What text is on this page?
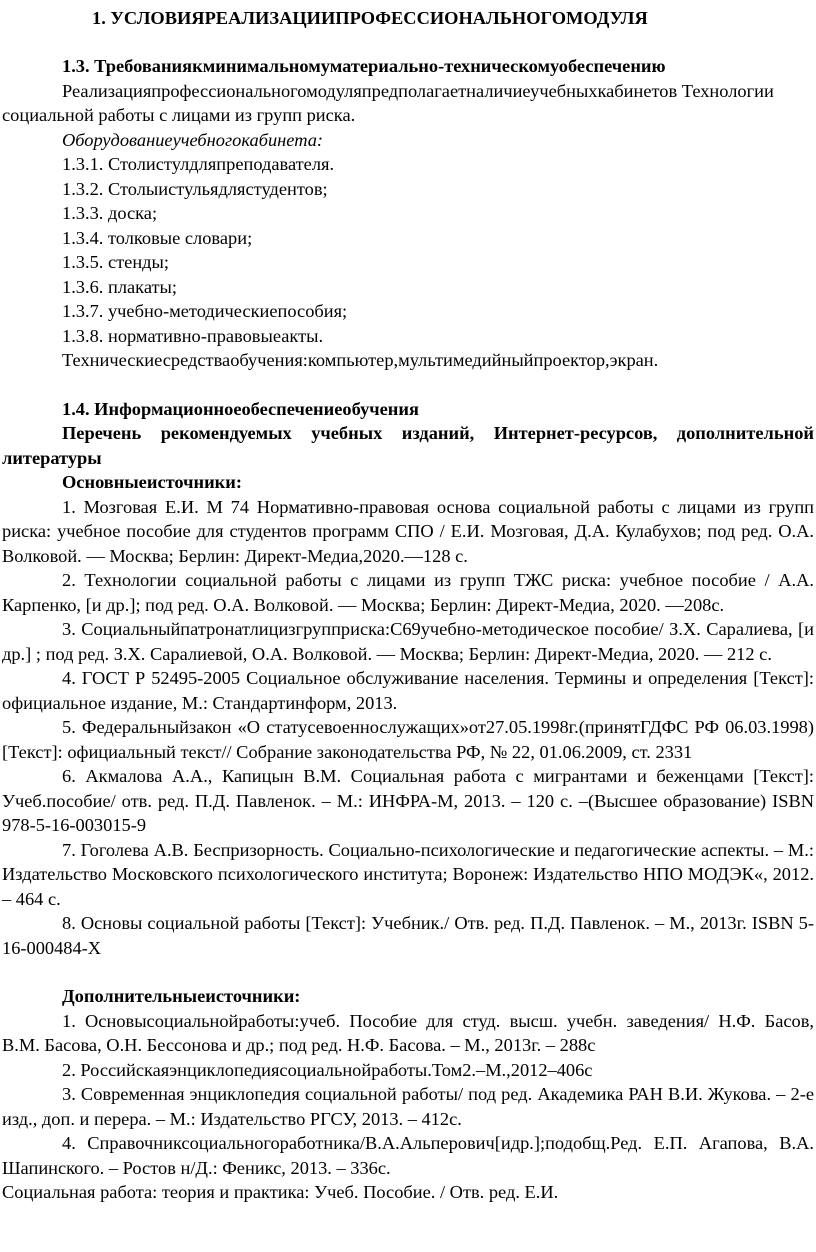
1. УСЛОВИЯРЕАЛИЗАЦИИПРОФЕССИОНАЛЬНОГОМОДУЛЯ

1.3. Требованиякминимальномуматериально-техническомуобеспечению

Реализацияпрофессиональногомодуляпредполагаетналичиеучебныхкабинетов Технологии социальной работы с лицами из групп риска.

Оборудованиеучебногокабинета:

1.3.1. Столистулдляпреподавателя.

1.3.2. Столыистульядлястудентов;

1.3.3. доска;

1.3.4. толковые словари;

1.3.5. стенды;

1.3.6. плакаты;

1.3.7. учебно-методическиепособия;

1.3.8. нормативно-правовыеакты.

Техническиесредстваобучения:компьютер,мультимедийныйпроектор,экран.

1.4. Информационноеобеспечениеобучения

Перечень рекомендуемых учебных изданий, Интернет-ресурсов, дополнительной литературы

Основныеисточники:

1. Мозговая Е.И. М 74 Нормативно-правовая основа социальной работы с лицами из групп риска: учебное пособие для студентов программ СПО / Е.И. Мозговая, Д.А. Кулабухов; под ред. О.А. Волковой. — Москва; Берлин: Директ-Медиа,2020.—128 с.

2. Технологии социальной работы с лицами из групп ТЖС риска: учебное пособие / А.А. Карпенко, [и др.]; под ред. О.А. Волковой. — Москва; Берлин: Директ-Медиа, 2020. —208с.

3. Социальныйпатронатлицизгрупприска:С69учебно-методическое пособие/ З.Х. Саралиева, [и др.] ; под ред. З.Х. Саралиевой, О.А. Волковой. — Москва; Берлин: Директ-Медиа, 2020. — 212 с.

4. ГОСТ Р 52495-2005 Социальное обслуживание населения. Термины и определения [Текст]: официальное издание, М.: Стандартинформ, 2013.

5. Федеральныйзакон «О статусевоеннослужащих»от27.05.1998г.(принятГДФС РФ 06.03.1998) [Текст]: официальный текст// Собрание законодательства РФ, № 22, 01.06.2009, ст. 2331

6. Акмалова А.А., Капицын В.М. Социальная работа с мигрантами и беженцами [Текст]: Учеб.пособие/ отв. ред. П.Д. Павленок. – М.: ИНФРА-М, 2013. – 120 с. –(Высшее образование) ISBN 978-5-16-003015-9

7. Гоголева А.В. Беспризорность. Социально-психологические и педагогические аспекты. – М.: Издательство Московского психологического института; Воронеж: Издательство НПО МОДЭК«, 2012. – 464 с.

8. Основы социальной работы [Текст]: Учебник./ Отв. ред. П.Д. Павленок. – М., 2013г. ISBN 5-16-000484-Х

Дополнительныеисточники:

1. Основысоциальнойработы:учеб. Пособие для студ. высш. учебн. заведения/ Н.Ф. Басов, В.М. Басова, О.Н. Бессонова и др.; под ред. Н.Ф. Басова. – М., 2013г. – 288с

2. Российскаяэнциклопедиясоциальнойработы.Том2.–М.,2012–406с

3. Современная энциклопедия социальной работы/ под ред. Академика РАН В.И. Жукова. – 2-е изд., доп. и перера. – М.: Издательство РГСУ, 2013. – 412с.

4. Справочниксоциальногоработника/В.А.Альперович[идр.];подобщ.Ред. Е.П. Агапова, В.А. Шапинского. – Ростов н/Д.: Феникс, 2013. – 336с.

Социальная работа: теория и практика: Учеб. Пособие. / Отв. ред. Е.И.
